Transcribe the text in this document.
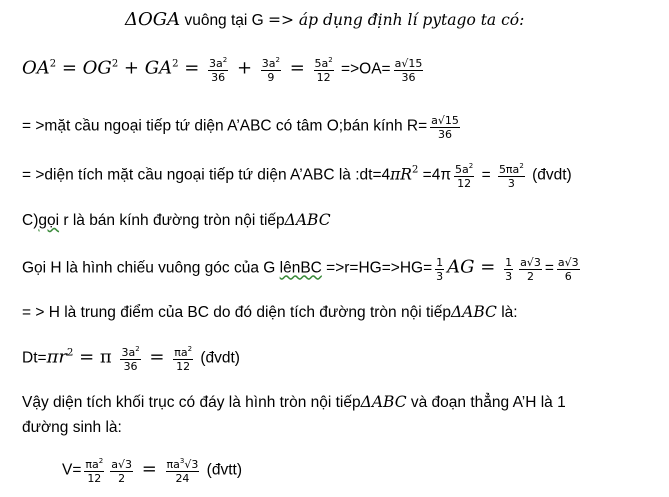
ΔOGA vuông tại G => áp dụng định lí pytago ta có:
$OA^2 = OG^2 + GA^2 = \frac{3a^2}{36} + \frac{3a^2}{9} = \frac{5a^2}{12} =>OA= \frac{a√15}{36}$
= >mặt cầu ngoại tiếp tứ diện A’ABC có tâm O;bán kính $R= \frac{a√15}{36}$
= >diện tích mặt cầu ngoại tiếp tứ diện A’ABC là $:dt=4\pi R^2 =4\pi \frac{5a^2}{12} = \frac{5\pi a^2}{3}$ (đvdt)
C)gọi r là bán kính đường tròn nội tiếpΔABC
Gọi H là hình chiếu vuông góc của G lênBC $=>r=HG=>HG= \frac{1}{3}$ AG = $\frac{1}{3} \frac{a√3}{2} = \frac{a√3}{6}$
= > H là trung điểm của BC do đó diện tích đường tròn nội tiếpΔABC là:
$Dt=\pi r^2 = \pi \frac{3a^2}{36} = \frac{\pi a^2}{12}$ (đvdt)
Vậy diện tích khối trục có đáy là hình tròn nội tiếpΔABC và đoạn thẳng A’H là 1
đường sinh là:
$V= \frac{\pi a^2}{12} \frac{a√3}{2} = \frac{\pi a^3√3}{24}$ (đvtt)
